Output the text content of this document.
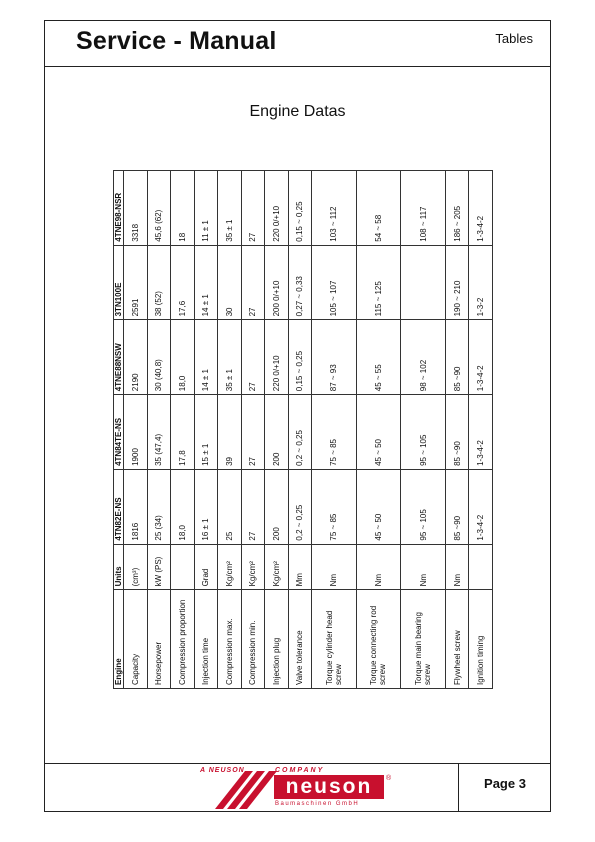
Service - Manual	Tables
Engine Datas
Engine	Units	4TN82E-NS	4TN84TE-NS	4TNE88NSW	3TN100E	4TNE98-NSR
Capacity	(cm³)	1816	1900	2190	2591	3318
Horsepower	kW (PS)	25 (34)	35 (47,4)	30 (40,8)	38 (52)	45,6 (62)
Compression proportion		18,0	17,8	18,0	17,6	18
Injection time	Grad	16 ± 1	15 ± 1	14 ± 1	14 ± 1	11 ± 1
Compression max.	Kg/cm²	25	39	35 ± 1	30	35 ± 1
Compression min.	Kg/cm²	27	27	27	27	27
Injection plug	Kg/cm²	200	200	220 0/+10	200 0/+10	220 0/+10
Valve tolerance	Mm	0,2 ~ 0,25	0,2 ~ 0,25	0,15 ~ 0,25	0,27 ~ 0,33	0,15 ~ 0,25
Torque cylinder head screw	Nm	75 ~ 85	75 ~ 85	87 ~ 93	105 ~ 107	103 ~ 112
Torque connecting rod screw	Nm	45 ~ 50	45 ~ 50	45 ~ 55	115 ~ 125	54 ~ 58
Torque main bearing screw	Nm	95 ~ 105	95 ~ 105	98 ~ 102		108 ~ 117
Flywheel screw	Nm	85 ~90	85 ~90	85 ~90	190 ~ 210	186 ~ 205
Ignition timing		1-3-4-2	1-3-4-2	1-3-4-2	1-3-2	1-3-4-2
A NEUSON	COMPANY
neuson	®
Baumaschinen GmbH
Page 3
